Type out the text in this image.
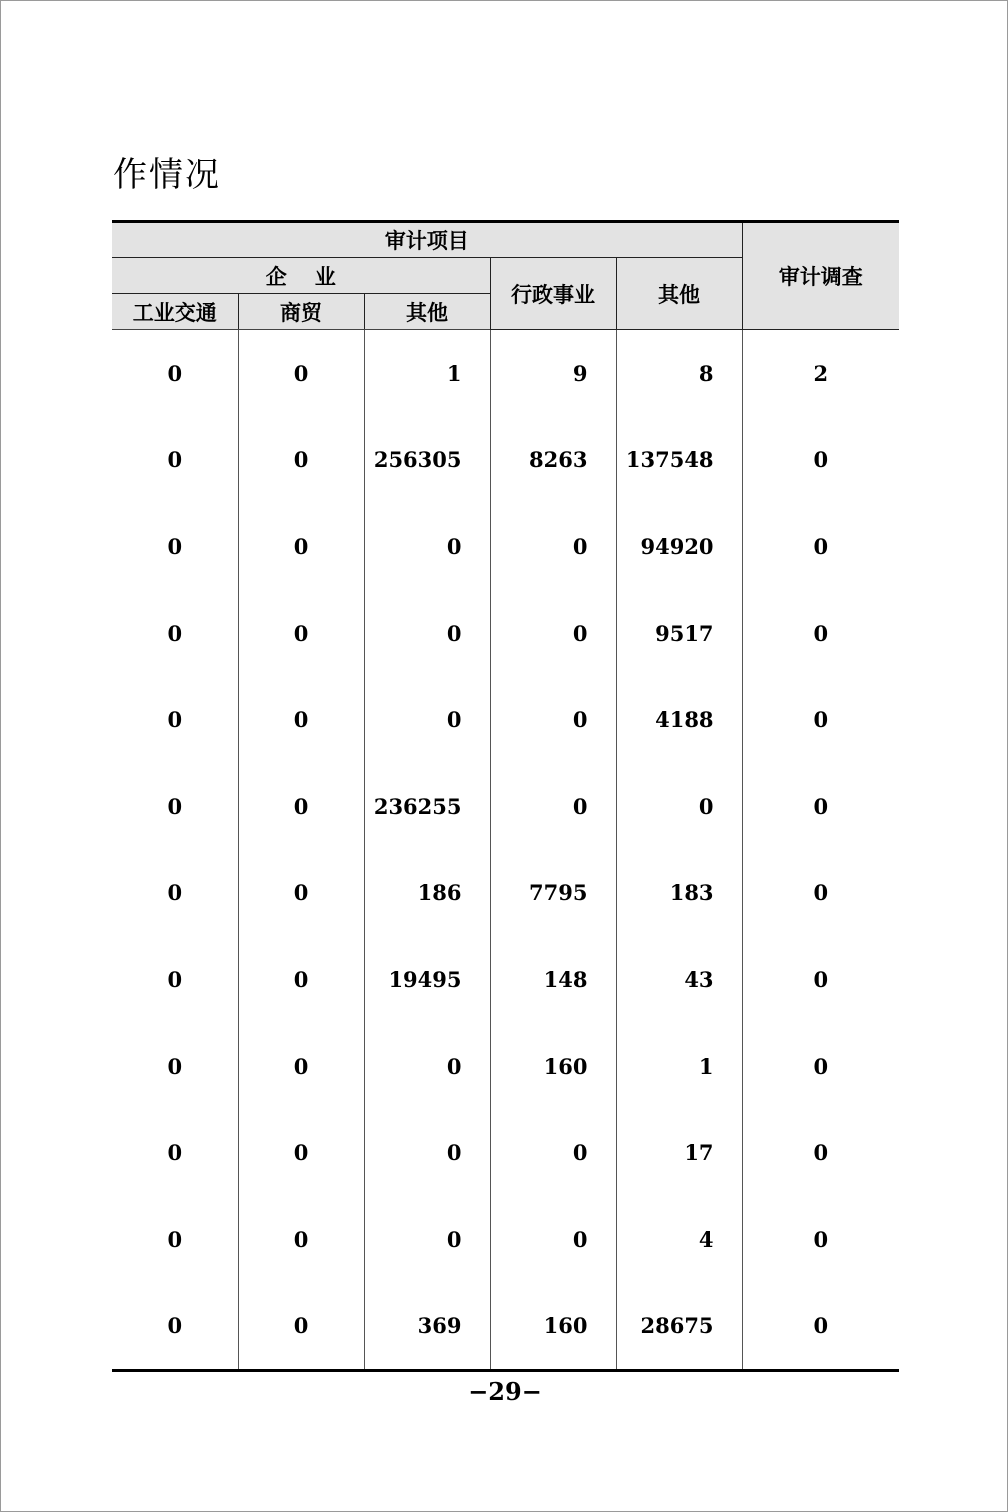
作情况
审计项目					审计调查
企 业			行政事业	其他	
工业交通	商贸	其他			
0	0	1	9	8	2
0	0	256305	8263	137548	0
0	0	0	0	94920	0
0	0	0	0	9517	0
0	0	0	0	4188	0
0	0	236255	0	0	0
0	0	186	7795	183	0
0	0	19495	148	43	0
0	0	0	160	1	0
0	0	0	0	17	0
0	0	0	0	4	0
0	0	369	160	28675	0
−29−
